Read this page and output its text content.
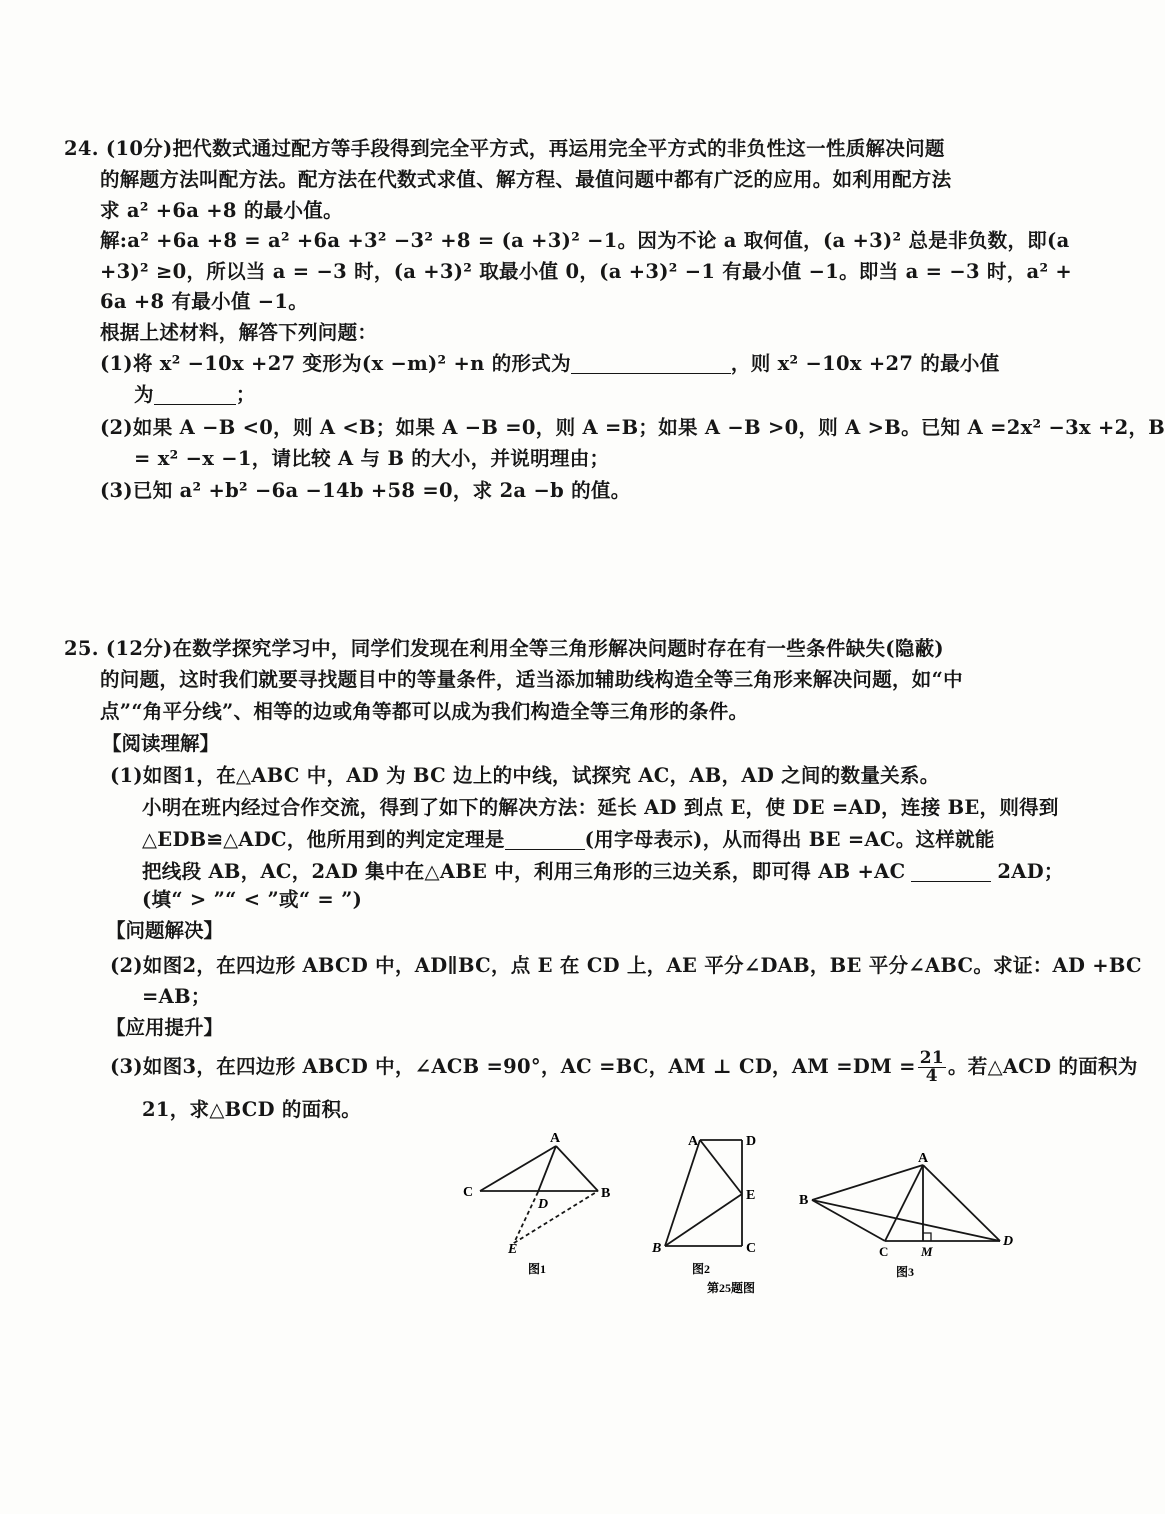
24. (10分)把代数式通过配方等手段得到完全平方式，再运用完全平方式的非负性这一性质解决问题
的解题方法叫配方法。配方法在代数式求值、解方程、最值问题中都有广泛的应用。如利用配方法
求 a² +6a +8 的最小值。
解:a² +6a +8 = a² +6a +3² −3² +8 = (a +3)² −1。因为不论 a 取何值，(a +3)² 总是非负数，即(a
+3)² ≥0，所以当 a = −3 时，(a +3)² 取最小值 0，(a +3)² −1 有最小值 −1。即当 a = −3 时，a² +
6a +8 有最小值 −1。
根据上述材料，解答下列问题：
(1)将 x² −10x +27 变形为(x −m)² +n 的形式为	，则 x² −10x +27 的最小值
为	；
(2)如果 A −B <0，则 A <B；如果 A −B =0，则 A =B；如果 A −B >0，则 A >B。已知 A =2x² −3x +2，B
= x² −x −1，请比较 A 与 B 的大小，并说明理由；
(3)已知 a² +b² −6a −14b +58 =0，求 2a −b 的值。
25. (12分)在数学探究学习中，同学们发现在利用全等三角形解决问题时存在有一些条件缺失(隐蔽)
的问题，这时我们就要寻找题目中的等量条件，适当添加辅助线构造全等三角形来解决问题，如“中
点”“角平分线”、相等的边或角等都可以成为我们构造全等三角形的条件。
【阅读理解】
(1)如图1，在△ABC 中，AD 为 BC 边上的中线，试探究 AC，AB，AD 之间的数量关系。
小明在班内经过合作交流，得到了如下的解决方法：延长 AD 到点 E，使 DE =AD，连接 BE，则得到
△EDB≌△ADC，他所用到的判定定理是	(用字母表示)，从而得出 BE =AC。这样就能
把线段 AB，AC，2AD 集中在△ABE 中，利用三角形的三边关系，即可得 AB +AC	2AD；
(填“ > ”“ < ”或“ = ”)
【问题解决】
(2)如图2，在四边形 ABCD 中，AD∥BC，点 E 在 CD 上，AE 平分∠DAB，BE 平分∠ABC。求证：AD +BC
=AB；
【应用提升】
(3)如图3，在四边形 ABCD 中，∠ACB =90°，AC =BC，AM ⊥ CD，AM $=DM = \frac{21}{4}$ 。若△ACD 的面积为
21，求△BCD 的面积。
A
C	B
D
E
图1
A	D
E
B	C
图2
A
B
C	M
D
图3
第25题图
